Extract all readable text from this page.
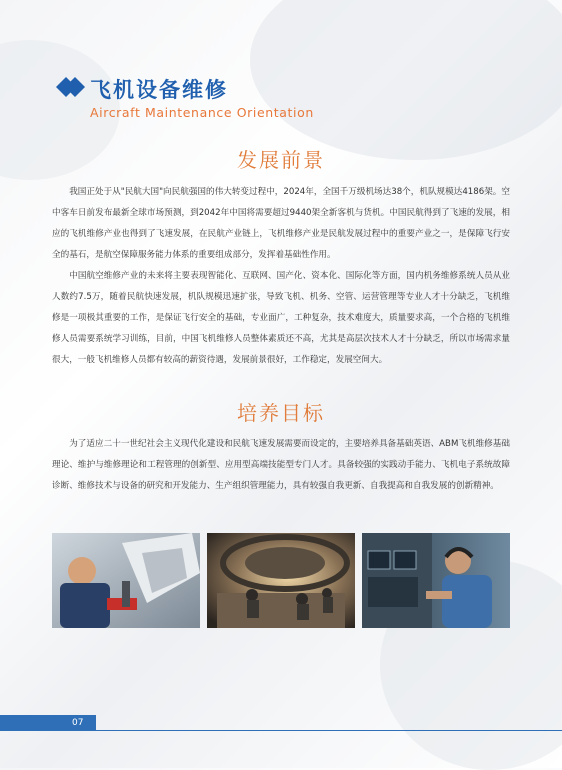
飞机设备维修
Aircraft Maintenance Orientation
发展前景

我国正处于从"民航大国"向民航强国的伟大转变过程中，2024年，全国千万级机场达38个，机队规模达4186架。空中客车日前发布最新全球市场预测，到2042年中国将需要超过9440架全新客机与货机。中国民航得到了飞速的发展，相应的飞机维修产业也得到了飞速发展，在民航产业链上，飞机维修产业是民航发展过程中的重要产业之一，是保障飞行安全的基石，是航空保障服务能力体系的重要组成部分，发挥着基础性作用。

中国航空维修产业的未来将主要表现智能化、互联网、国产化、资本化、国际化等方面，国内机务维修系统人员从业人数约7.5万，随着民航快速发展，机队规模迅速扩张，导致飞机、机务、空管、运营管理等专业人才十分缺乏，飞机维修是一项极其重要的工作，是保证飞行安全的基础，专业面广，工种复杂，技术难度大，质量要求高，一个合格的飞机维修人员需要系统学习训练，目前，中国飞机维修人员整体素质还不高，尤其是高层次技术人才十分缺乏，所以市场需求量很大，一般飞机维修人员都有较高的薪资待遇，发展前景很好，工作稳定，发展空间大。

培养目标

为了适应二十一世纪社会主义现代化建设和民航飞速发展需要而设定的，主要培养具备基础英语、ABM飞机维修基础理论、维护与维修理论和工程管理的创新型、应用型高端技能型专门人才。具备较强的实践动手能力、飞机电子系统故障诊断、维修技术与设备的研究和开发能力、生产组织管理能力，具有较强自我更新、自我提高和自我发展的创新精神。

07
